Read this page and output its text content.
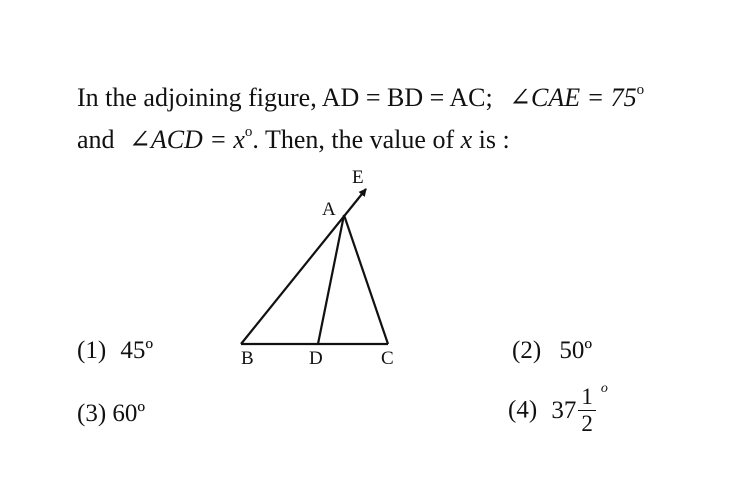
In the adjoining figure, AD = BD = AC; ∠CAE = $75^o$
and ∠ACD = $x^o$. Then, the value of x is :
E
A
B	D	C
(1) 45º	(2) 50º
(3) 60º	(4) 37 1
2
o
